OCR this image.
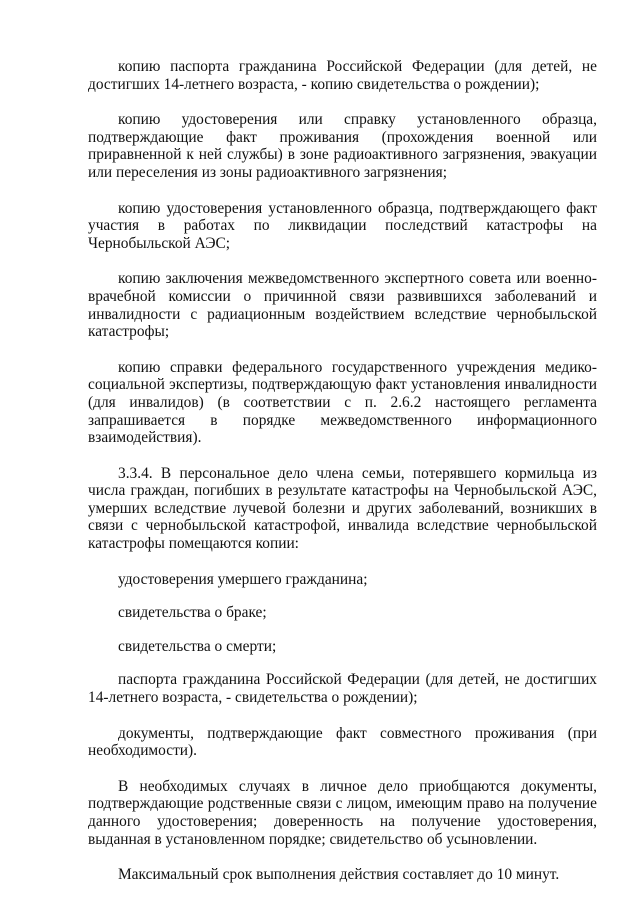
копию паспорта гражданина Российской Федерации (для детей, не достигших 14-летнего возраста, - копию свидетельства о рождении);

копию удостоверения или справку установленного образца, подтверждающие факт проживания (прохождения военной или приравненной к ней службы) в зоне радиоактивного загрязнения, эвакуации или переселения из зоны радиоактивного загрязнения;

копию удостоверения установленного образца, подтверждающего факт участия в работах по ликвидации последствий катастрофы на Чернобыльской АЭС;

копию заключения межведомственного экспертного совета или военно-врачебной комиссии о причинной связи развившихся заболеваний и инвалидности с радиационным воздействием вследствие чернобыльской катастрофы;

копию справки федерального государственного учреждения медико-социальной экспертизы, подтверждающую факт установления инвалидности (для инвалидов) (в соответствии с п. 2.6.2 настоящего регламента запрашивается в порядке межведомственного информационного взаимодействия).

3.3.4. В персональное дело члена семьи, потерявшего кормильца из числа граждан, погибших в результате катастрофы на Чернобыльской АЭС, умерших вследствие лучевой болезни и других заболеваний, возникших в связи с чернобыльской катастрофой, инвалида вследствие чернобыльской катастрофы помещаются копии:

удостоверения умершего гражданина;

свидетельства о браке;

свидетельства о смерти;

паспорта гражданина Российской Федерации (для детей, не достигших 14-летнего возраста, - свидетельства о рождении);

документы, подтверждающие факт совместного проживания (при необходимости).

В необходимых случаях в личное дело приобщаются документы, подтверждающие родственные связи с лицом, имеющим право на получение данного удостоверения; доверенность на получение удостоверения, выданная в установленном порядке; свидетельство об усыновлении.

Максимальный срок выполнения действия составляет до 10 минут.
